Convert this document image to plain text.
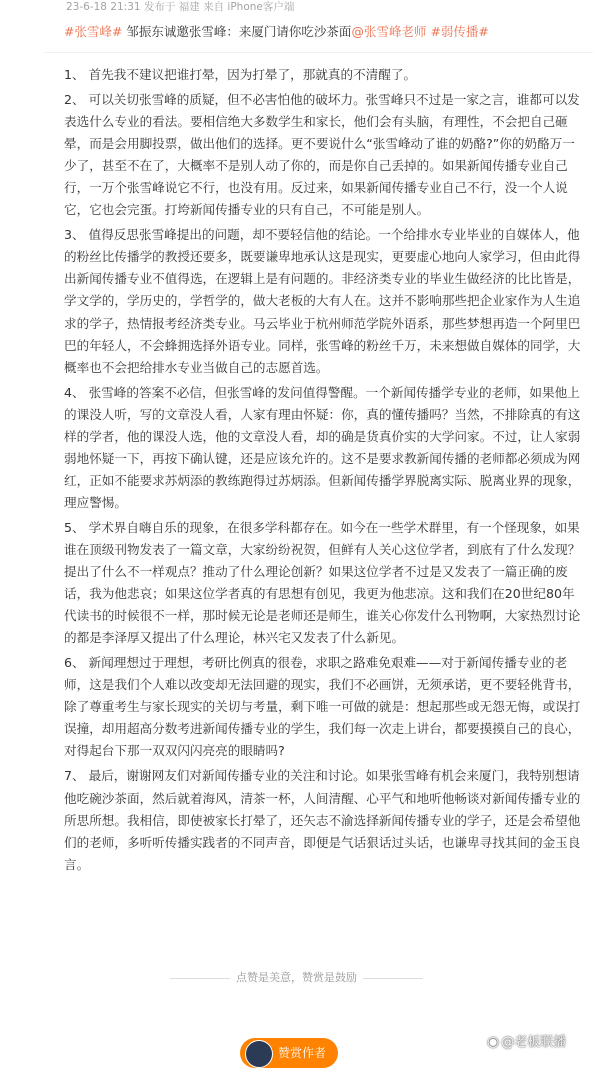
23-6-18 21:31 发布于 福建 来自 iPhone客户端
#张雪峰# 邹振东诚邀张雪峰：来厦门请你吃沙茶面@张雪峰老师 #弱传播#

1、 首先我不建议把谁打晕，因为打晕了，那就真的不清醒了。

2、 可以关切张雪峰的质疑，但不必害怕他的破坏力。张雪峰只不过是一家之言，谁都可以发表选什么专业的看法。要相信绝大多数学生和家长，他们会有头脑，有理性，不会把自己砸晕，而是会用脚投票，做出他们的选择。更不要说什么“张雪峰动了谁的奶酪?”你的奶酪万一少了，甚至不在了，大概率不是别人动了你的，而是你自己丢掉的。如果新闻传播专业自己行，一万个张雪峰说它不行，也没有用。反过来，如果新闻传播专业自己不行，没一个人说它，它也会完蛋。打垮新闻传播专业的只有自己，不可能是别人。

3、 值得反思张雪峰提出的问题，却不要轻信他的结论。一个给排水专业毕业的自媒体人，他的粉丝比传播学的教授还要多，既要谦卑地承认这是现实，更要虚心地向人家学习，但由此得出新闻传播专业不值得选，在逻辑上是有问题的。非经济类专业的毕业生做经济的比比皆是，学文学的，学历史的，学哲学的，做大老板的大有人在。这并不影响那些把企业家作为人生追求的学子，热情报考经济类专业。马云毕业于杭州师范学院外语系，那些梦想再造一个阿里巴巴的年轻人，不会蜂拥选择外语专业。同样，张雪峰的粉丝千万，未来想做自媒体的同学，大概率也不会把给排水专业当做自己的志愿首选。

4、 张雪峰的答案不必信，但张雪峰的发问值得警醒。一个新闻传播学专业的老师，如果他上的课没人听，写的文章没人看，人家有理由怀疑：你，真的懂传播吗？当然，不排除真的有这样的学者，他的课没人选，他的文章没人看，却的确是货真价实的大学问家。不过，让人家弱弱地怀疑一下，再按下确认键，还是应该允许的。这不是要求教新闻传播的老师都必须成为网红，正如不能要求苏炳添的教练跑得过苏炳添。但新闻传播学界脱离实际、脱离业界的现象，理应警惕。

5、 学术界自嗨自乐的现象，在很多学科都存在。如今在一些学术群里，有一个怪现象，如果谁在顶级刊物发表了一篇文章，大家纷纷祝贺，但鲜有人关心这位学者，到底有了什么发现？提出了什么不一样观点？推动了什么理论创新？如果这位学者不过是又发表了一篇正确的废话，我为他悲哀；如果这位学者真的有思想有创见，我更为他悲凉。这和我们在20世纪80年代读书的时候很不一样，那时候无论是老师还是师生，谁关心你发什么刊物啊，大家热烈讨论的都是李泽厚又提出了什么理论，林兴宅又发表了什么新见。

6、 新闻理想过于理想，考研比例真的很卷，求职之路难免艰难——对于新闻传播专业的老师，这是我们个人难以改变却无法回避的现实，我们不必画饼，无须承诺，更不要轻佻背书，除了尊重考生与家长现实的关切与考量，剩下唯一可做的就是：想起那些或无怨无悔，或误打误撞，却用超高分数考进新闻传播专业的学生，我们每一次走上讲台，都要摸摸自己的良心，对得起台下那一双双闪闪亮亮的眼睛吗?

7、 最后，谢谢网友们对新闻传播专业的关注和讨论。如果张雪峰有机会来厦门，我特别想请他吃碗沙茶面，然后就着海风，清茶一杯，人间清醒、心平气和地听他畅谈对新闻传播专业的所思所想。我相信，即使被家长打晕了，还矢志不渝选择新闻传播专业的学子，还是会希望他们的老师，多听听传播实践者的不同声音，即便是气话狠话过头话，也谦卑寻找其间的金玉良言。

点赞是美意，赞赏是鼓励
赞赏作者
◉ @老板联播
